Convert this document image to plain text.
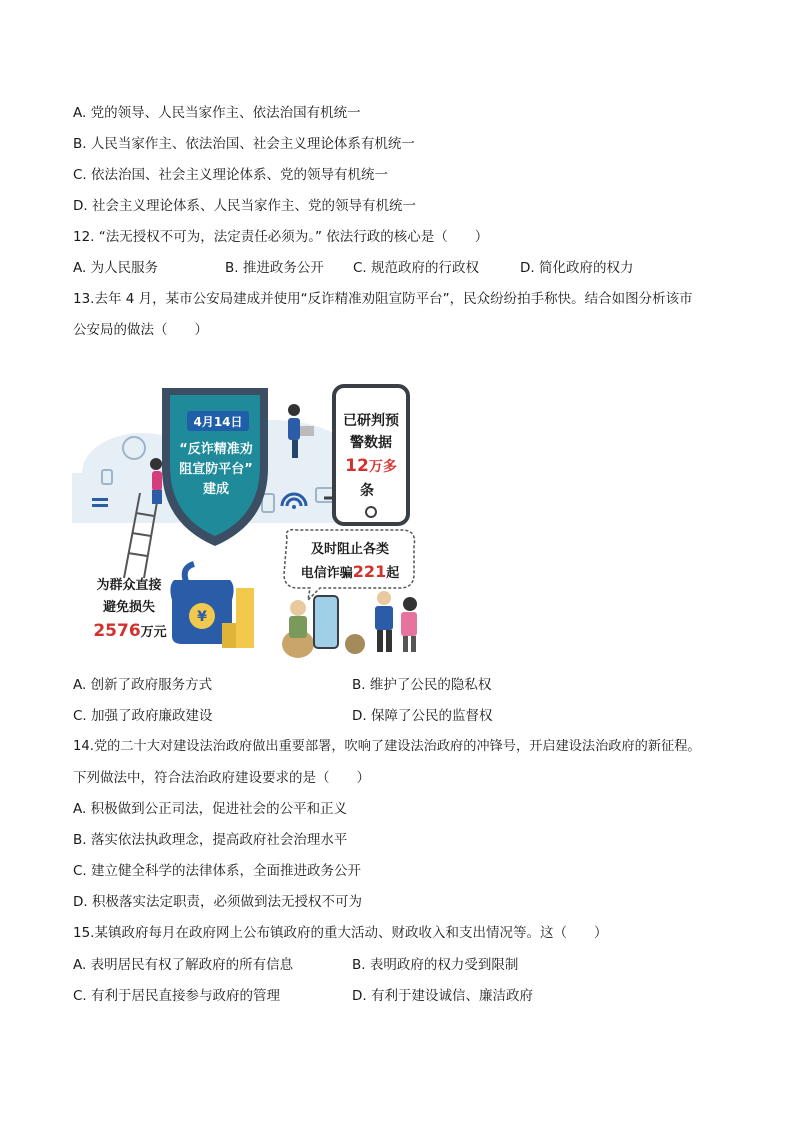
A. 党的领导、人民当家作主、依法治国有机统一
B. 人民当家作主、依法治国、社会主义理论体系有机统一
C. 依法治国、社会主义理论体系、党的领导有机统一
D. 社会主义理论体系、人民当家作主、党的领导有机统一
12. “法无授权不可为，法定责任必须为。” 依法行政的核心是（　　）
A. 为人民服务	B. 推进政务公开 C. 规范政府的行政权	D. 简化政府的权力
13.去年 4 月，某市公安局建成并使用“反诈精准劝阻宣防平台”，民众纷纷拍手称快。结合如图分析该市
公安局的做法（　　）
¥
4月14日
“反诈精准劝
阻宣防平台”
建成
已研判预
警数据
12万多
条
及时阻止各类
电信诈骗221起
为群众直接
避免损失
2576万元
A. 创新了政府服务方式	B. 维护了公民的隐私权
C. 加强了政府廉政建设	D. 保障了公民的监督权
14.党的二十大对建设法治政府做出重要部署，吹响了建设法治政府的冲锋号，开启建设法治政府的新征程。
下列做法中，符合法治政府建设要求的是（　　）
A. 积极做到公正司法，促进社会的公平和正义
B. 落实依法执政理念，提高政府社会治理水平
C. 建立健全科学的法律体系，全面推进政务公开
D. 积极落实法定职责，必须做到法无授权不可为
15.某镇政府每月在政府网上公布镇政府的重大活动、财政收入和支出情况等。这（　　）
A. 表明居民有权了解政府的所有信息	B. 表明政府的权力受到限制
C. 有利于居民直接参与政府的管理	D. 有利于建设诚信、廉洁政府
